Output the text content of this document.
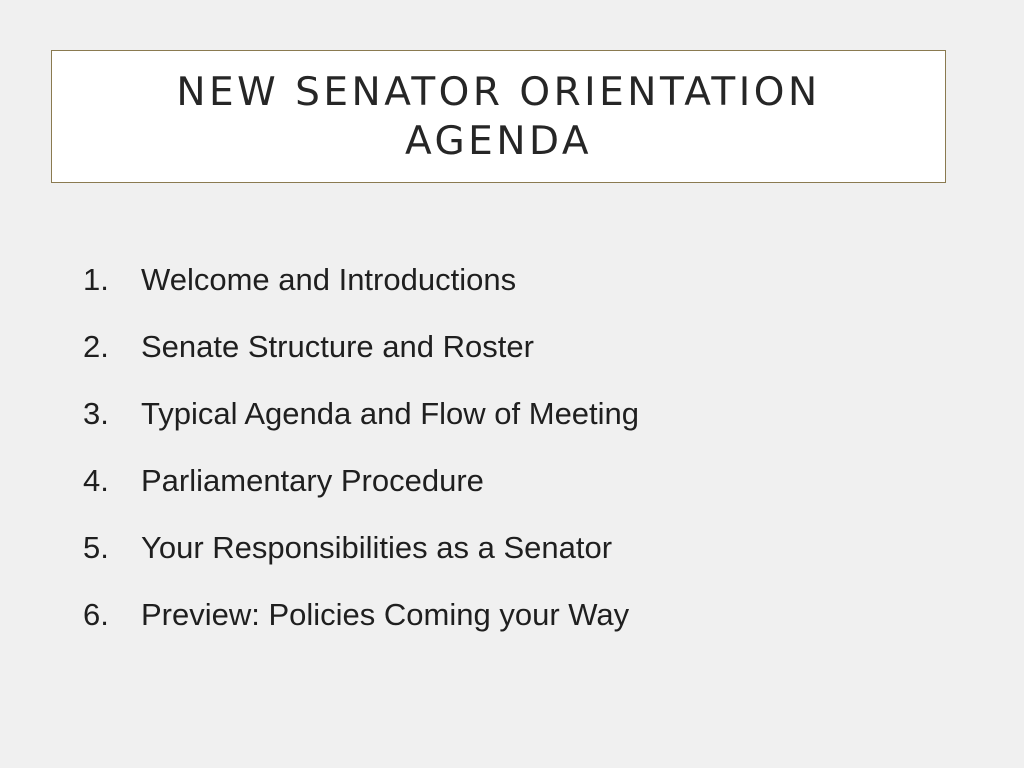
NEW SENATOR ORIENTATION AGENDA
1.	Welcome and Introductions
2.	Senate Structure and Roster
3.	Typical Agenda and Flow of Meeting
4.	Parliamentary Procedure
5.	Your Responsibilities as a Senator
6.	Preview: Policies Coming your Way
